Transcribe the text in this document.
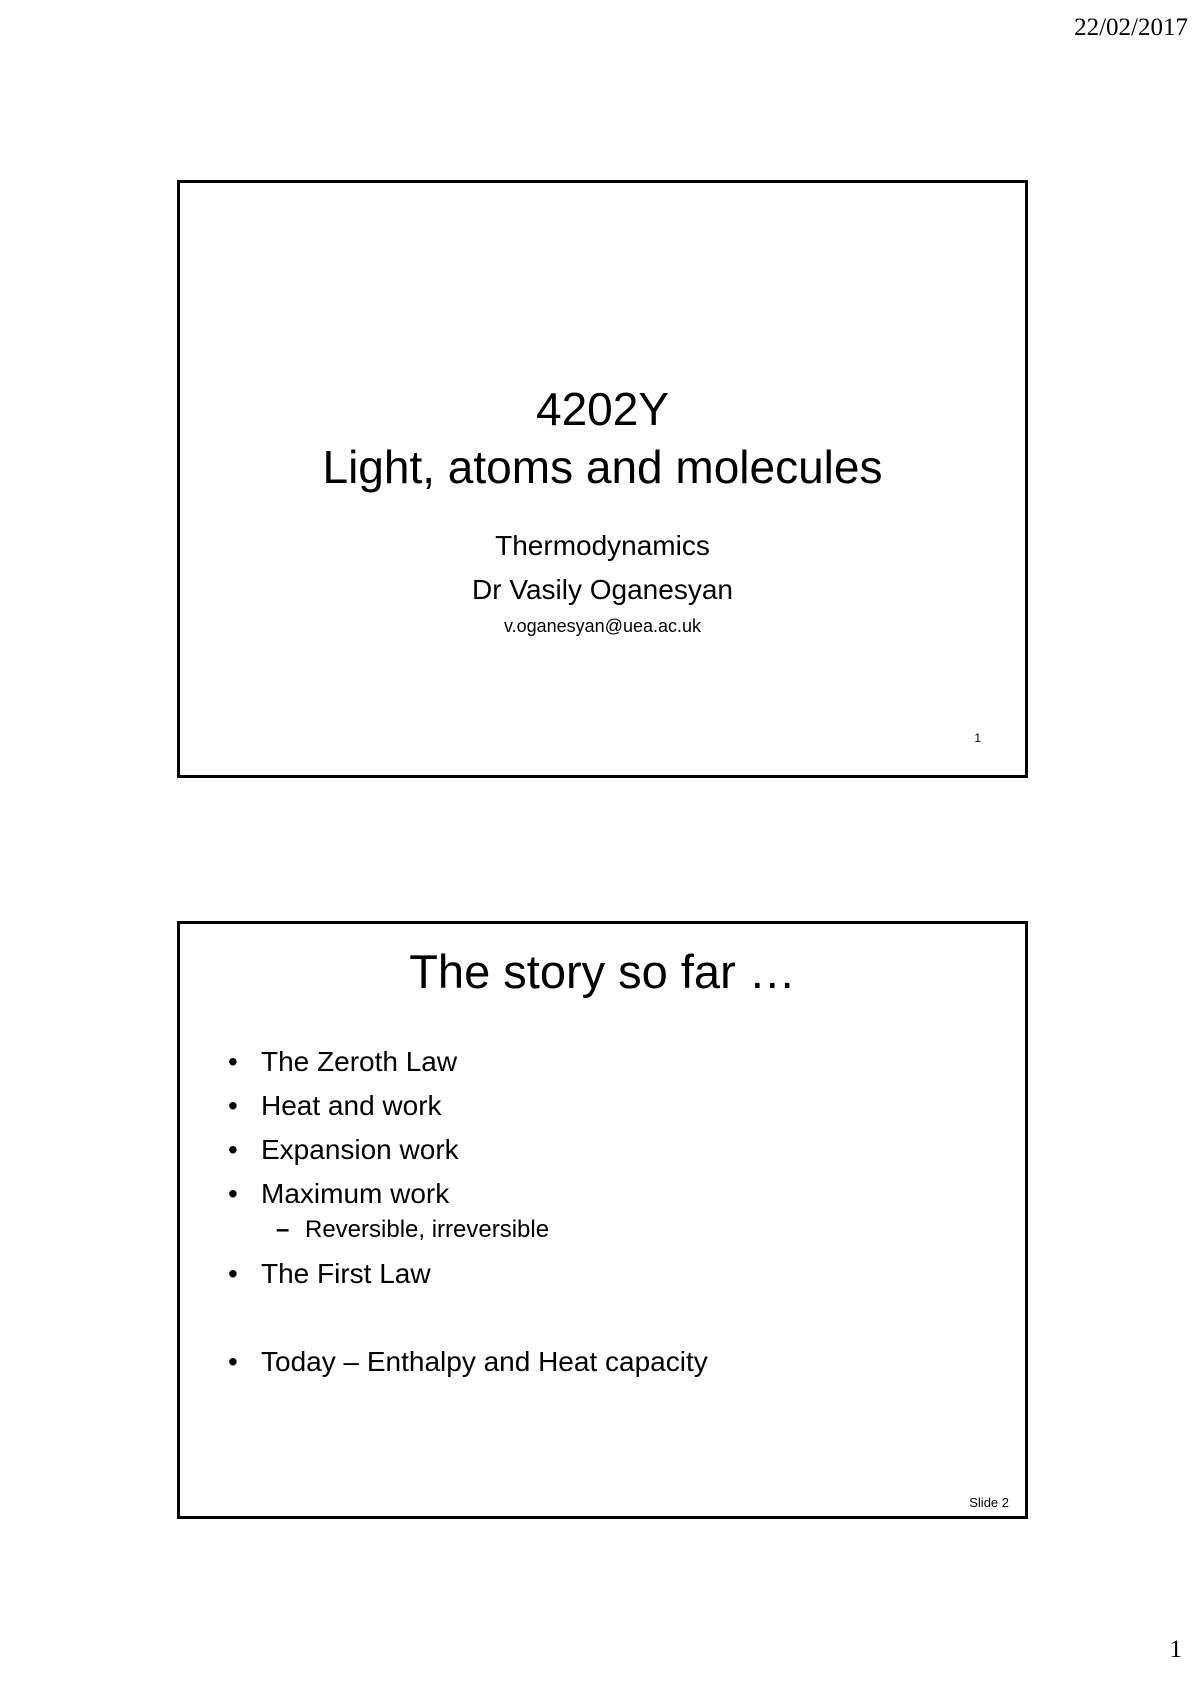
22/02/2017
4202Y
Light, atoms and molecules
Thermodynamics
Dr Vasily Oganesyan
v.oganesyan@uea.ac.uk
1
The story so far …
• The Zeroth Law
• Heat and work
• Expansion work
• Maximum work
– Reversible, irreversible
• The First Law
• Today – Enthalpy and Heat capacity
Slide 2
1
